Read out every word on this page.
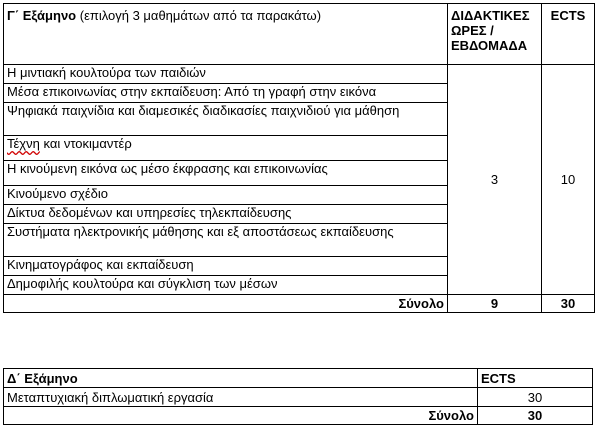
Γ΄ Εξάμηνο (επιλογή 3 μαθημάτων από τα παρακάτω)	ΔΙΔΑΚΤΙΚΕΣ ΩΡΕΣ / ΕΒΔΟΜΑΔΑ	ECTS
Η μιντιακή κουλτούρα των παιδιών	3	10
Μέσα επικοινωνίας στην εκπαίδευση: Από τη γραφή στην εικόνα		
Ψηφιακά παιχνίδια και διαμεσικές διαδικασίες παιχνιδιού για μάθηση		
Τέχνη και ντοκιμαντέρ		
Η κινούμενη εικόνα ως μέσο έκφρασης και επικοινωνίας		
Κινούμενο σχέδιο		
Δίκτυα δεδομένων και υπηρεσίες τηλεκπαίδευσης		
Συστήματα ηλεκτρονικής μάθησης και εξ αποστάσεως εκπαίδευσης		
Κινηματογράφος και εκπαίδευση		
Δημοφιλής κουλτούρα και σύγκλιση των μέσων		
Σύνολο	9	30
Δ΄ Εξάμηνο	ECTS
Μεταπτυχιακή διπλωματική εργασία	30
Σύνολο	30
